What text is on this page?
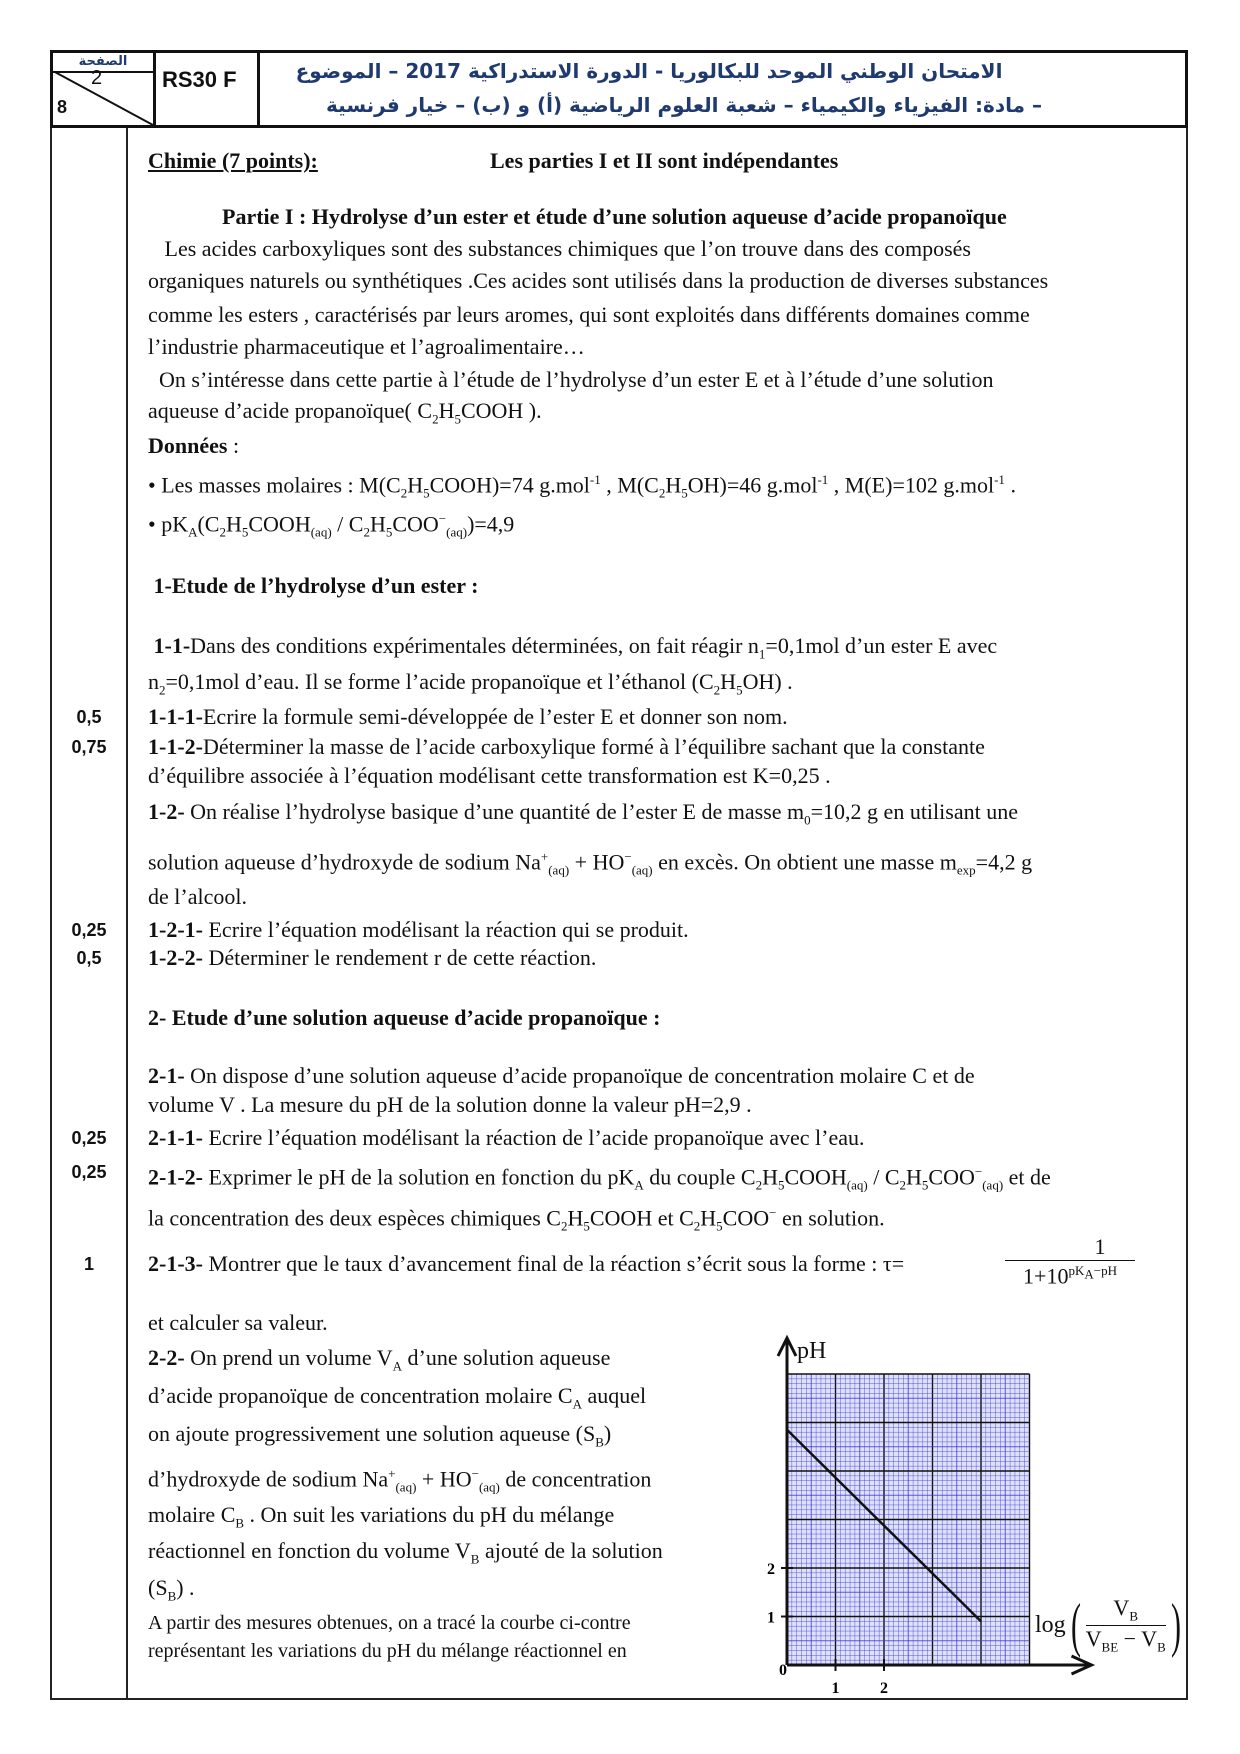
الصفحة
2
8
RS30 F	الامتحان الوطني الموحد للبكالوريا - الدورة الاستدراكية 2017 – الموضوع
– مادة: الفيزياء والكيمياء – شعبة العلوم الرياضية (أ) و (ب) – خيار فرنسية
Chimie (7 points):	Les parties I et II sont indépendantes
Partie I : Hydrolyse d’un ester et étude d’une solution aqueuse d’acide propanoïque
Les acides carboxyliques sont des substances chimiques que l’on trouve dans des composés
organiques naturels ou synthétiques .Ces acides sont utilisés dans la production de diverses substances
comme les esters , caractérisés par leurs aromes, qui sont exploités dans différents domaines comme
l’industrie pharmaceutique et l’agroalimentaire…
On s’intéresse dans cette partie à l’étude de l’hydrolyse d’un ester E et à l’étude d’une solution
aqueuse d’acide propanoïque( $C_2H_5COOH$ ).
Données :
• Les masses molaires : $M(C_2H_5COOH)=74$ g.mol$^{-1}$ , $M(C_2H_5OH)=46$ g.mol$^{-1}$ , M(E)=102 g.mol$^{-1}$ .
• $pK_A(C_2H_5COOH_{(aq)} / C_2H_5COO^-_{(aq)})=4,9$
1-Etude de l’hydrolyse d’un ester :
1-1-Dans des conditions expérimentales déterminées, on fait réagir $n_1=0,1mol$ d’un ester E avec
$n_2=0,1mol$ d’eau. Il se forme l’acide propanoïque et l’éthanol $(C_2H_5OH)$ .
1-1-1-Ecrire la formule semi-développée de l’ester E et donner son nom.
1-1-2-Déterminer la masse de l’acide carboxylique formé à l’équilibre sachant que la constante
d’équilibre associée à l’équation modélisant cette transformation est K=0,25 .
1-2- On réalise l’hydrolyse basique d’une quantité de l’ester E de masse $m_0=10,2$ g en utilisant une
solution aqueuse d’hydroxyde de sodium $Na^+_{(aq)} + HO^-_{(aq)}$ en excès. On obtient une masse $m_{exp}=4,2$ g
de l’alcool.
1-2-1- Ecrire l’équation modélisant la réaction qui se produit.
1-2-2- Déterminer le rendement r de cette réaction.
2- Etude d’une solution aqueuse d’acide propanoïque :
2-1- On dispose d’une solution aqueuse d’acide propanoïque de concentration molaire C et de
volume V . La mesure du pH de la solution donne la valeur pH=2,9 .
2-1-1- Ecrire l’équation modélisant la réaction de l’acide propanoïque avec l’eau.
2-1-2- Exprimer le pH de la solution en fonction du $pK_A$ du couple $C_2H_5COOH_{(aq)} / C_2H_5COO^-_{(aq)}$ et de
la concentration des deux espèces chimiques $C_2H_5COOH$ et $C_2H_5COO^-$ en solution.
2-1-3- Montrer que le taux d’avancement final de la réaction s’écrit sous la forme : τ=
1
$1+10^{pK_A-pH}$
et calculer sa valeur.
2-2- On prend un volume $V_A$ d’une solution aqueuse
d’acide propanoïque de concentration molaire $C_A$ auquel
on ajoute progressivement une solution aqueuse $(S_B)$
d’hydroxyde de sodium $Na^+_{(aq)} + HO^-_{(aq)}$ de concentration
molaire $C_B$ . On suit les variations du pH du mélange
réactionnel en fonction du volume $V_B$ ajouté de la solution
$(S_B)$ .
A partir des mesures obtenues, on a tracé la courbe ci-contre
représentant les variations du pH du mélange réactionnel en
0,5
0,75
0,25
0,5
0,25
0,25
1
0
1	2
1
2
pH
log (	$V_B$
$V_{BE} - V_B$ )
